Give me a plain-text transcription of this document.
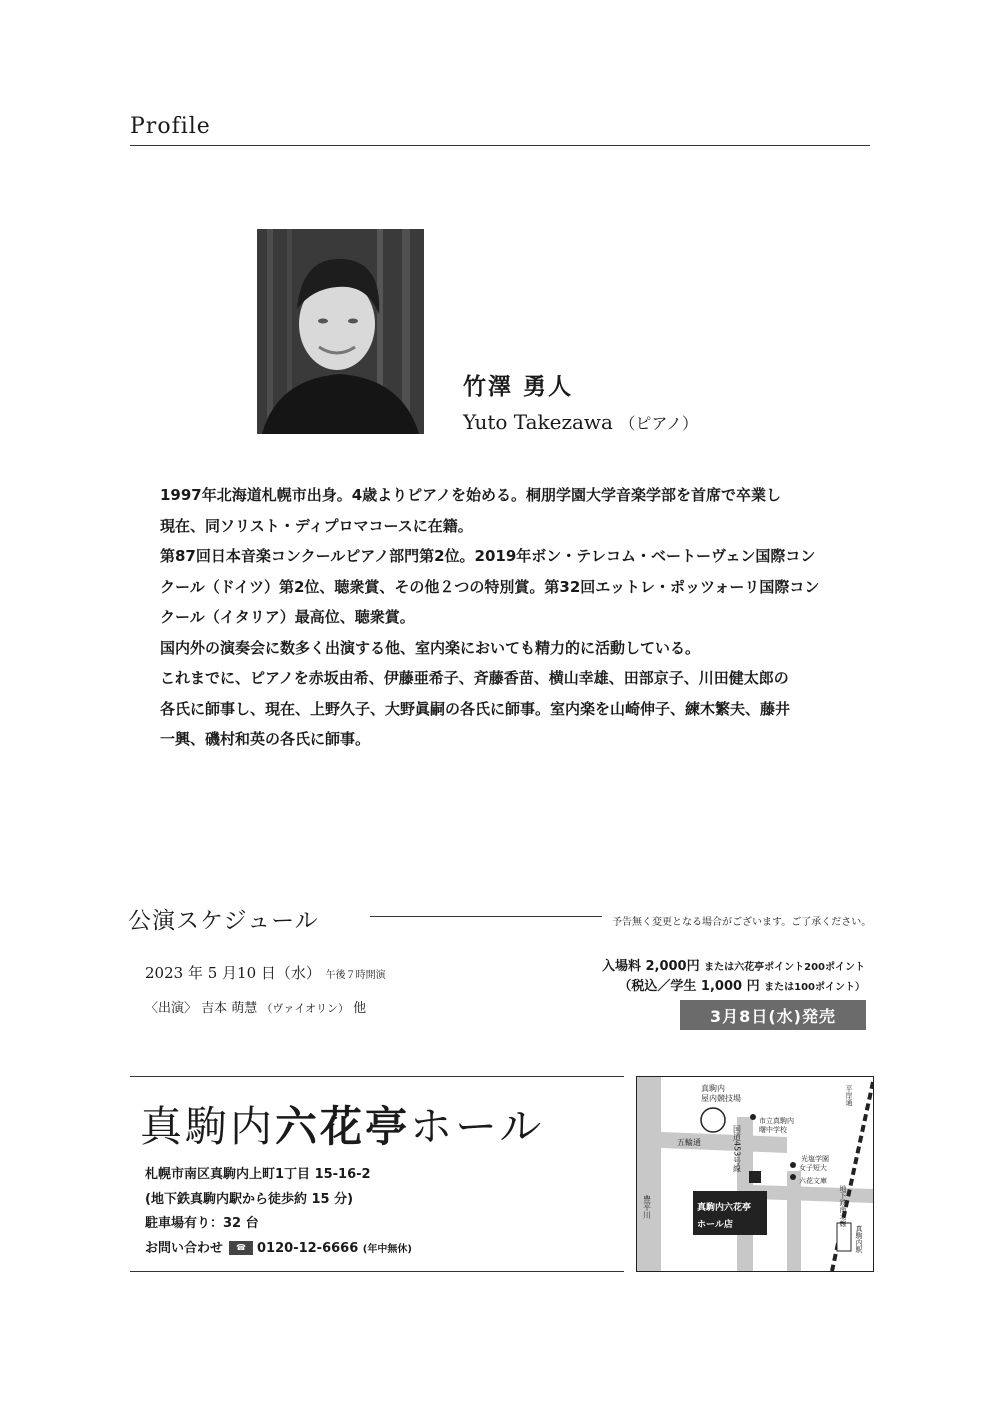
Profile
竹澤 勇人
Yuto Takezawa （ピアノ）

1997年北海道札幌市出身。4歳よりピアノを始める。桐朋学園大学音楽学部を首席で卒業し

現在、同ソリスト・ディプロマコースに在籍。

第87回日本音楽コンクールピアノ部門第2位。2019年ボン・テレコム・ベートーヴェン国際コン

クール（ドイツ）第2位、聴衆賞、その他２つの特別賞。第32回エットレ・ポッツォーリ国際コン

クール（イタリア）最高位、聴衆賞。

国内外の演奏会に数多く出演する他、室内楽においても精力的に活動している。

これまでに、ピアノを赤坂由希、伊藤亜希子、斉藤香苗、横山幸雄、田部京子、川田健太郎の

各氏に師事し、現在、上野久子、大野眞嗣の各氏に師事。室内楽を山崎伸子、練木繁夫、藤井

一興、磯村和英の各氏に師事。

公演スケジュール	予告無く変更となる場合がございます。ご了承ください。
2023 年 5 月10 日（水） 午後７時開演
〈出演〉 吉本 萌慧 （ヴァイオリン） 他
入場料 2,000円 または六花亭ポイント200ポイント
（税込／学生 1,000 円 または100ポイント）
3月8日(水)発売
真駒内六花亭ホール
札幌市南区真駒内上町1丁目 15-16-2
(地下鉄真駒内駅から徒歩約 15 分)
駐車場有り：32 台
お問い合わせ ☎ 0120-12-6666 (年中無休)
真駒内
屋内競技場
市立真駒内
曙中学校
五輪通	国道453号線	光塩学園
女子短大
六花文庫
豊平川	真駒内六花亭
ホール店	地下鉄南北線
平岸通
真駒内駅
